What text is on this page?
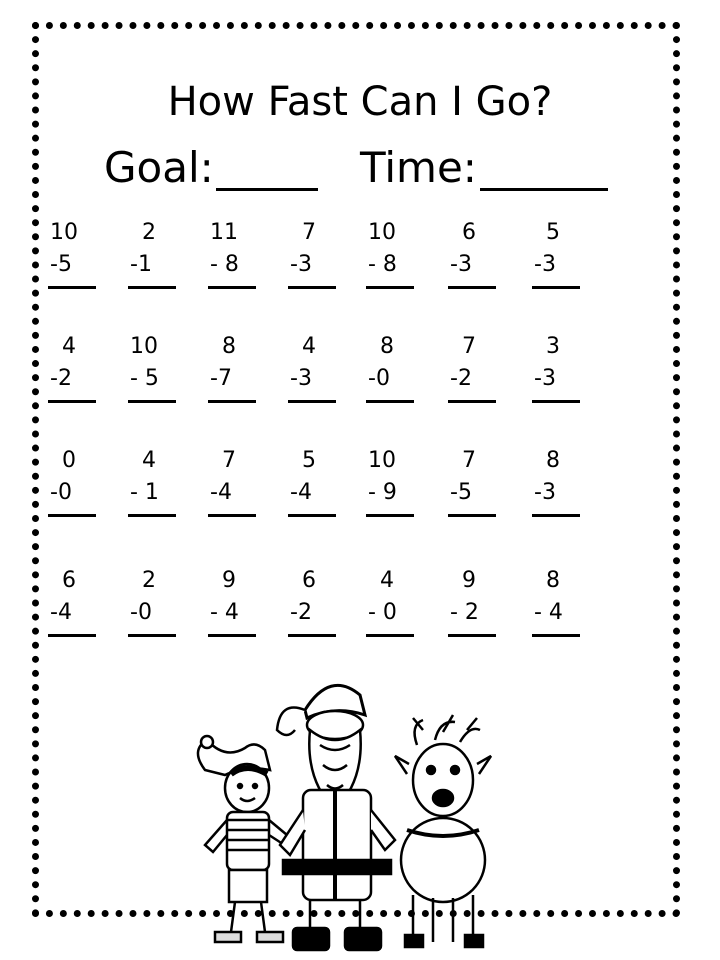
How Fast Can I Go?
Goal:	Time:
10
-5
2
-1
11
- 8
7
-3
10
- 8
6
-3
5
-3
4
-2
10
- 5
8
-7
4
-3
8
-0
7
-2
3
-3
0
-0
4
- 1
7
-4
5
-4
10
- 9
7
-5
8
-3
6
-4
2
-0
9
- 4
6
-2
4
- 0
9
- 2
8
- 4
